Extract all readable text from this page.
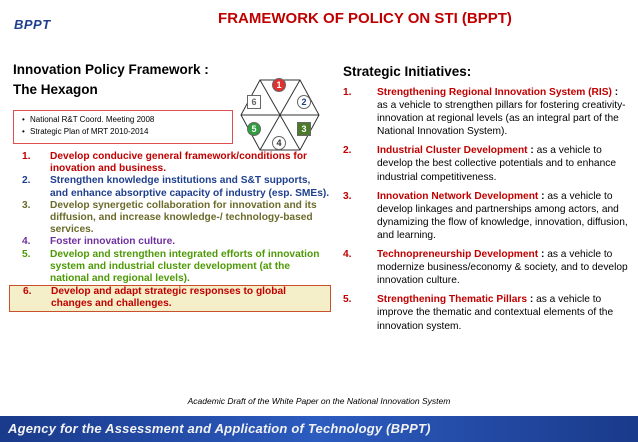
BPPT	FRAMEWORK OF POLICY ON STI (BPPT)
Innovation Policy Framework :
The Hexagon
• National R&T Coord. Meeting 2008
• Strategic Plan of MRT 2010-2014
1
2
3
4
5
6
1. Develop conducive general framework/conditions for inovation and business.
2. Strengthen knowledge institutions and S&T supports, and enhance absorptive capacity of industry (esp. SMEs).
3. Develop synergetic collaboration for innovation and its diffusion, and increase knowledge-/ technology-based services.
4. Foster innovation culture.
5. Develop and strengthen integrated efforts of innovation system and industrial cluster development (at the national and regional levels).
6. Develop and adapt strategic responses to global changes and challenges.
Strategic Initiatives:
1.	Strengthening Regional Innovation System (RIS) : as a vehicle to strengthen pillars for fostering creativity-innovation at regional levels (as an integral part of the National Innovation System).
2.	Industrial Cluster Development : as a vehicle to develop the best collective potentials and to enhance industrial competitiveness.
3.	Innovation Network Development : as a vehicle to develop linkages and partnerships among actors, and dynamizing the flow of knowledge, innovation, diffusion, and learning.
4.	Technopreneurship Development : as a vehicle to modernize business/economy & society, and to develop innovation culture.
5.	Strengthening Thematic Pillars : as a vehicle to improve the thematic and contextual elements of the innovation system.
Academic Draft of the White Paper on the National Innovation System
Agency for the Assessment and Application of Technology (BPPT)
